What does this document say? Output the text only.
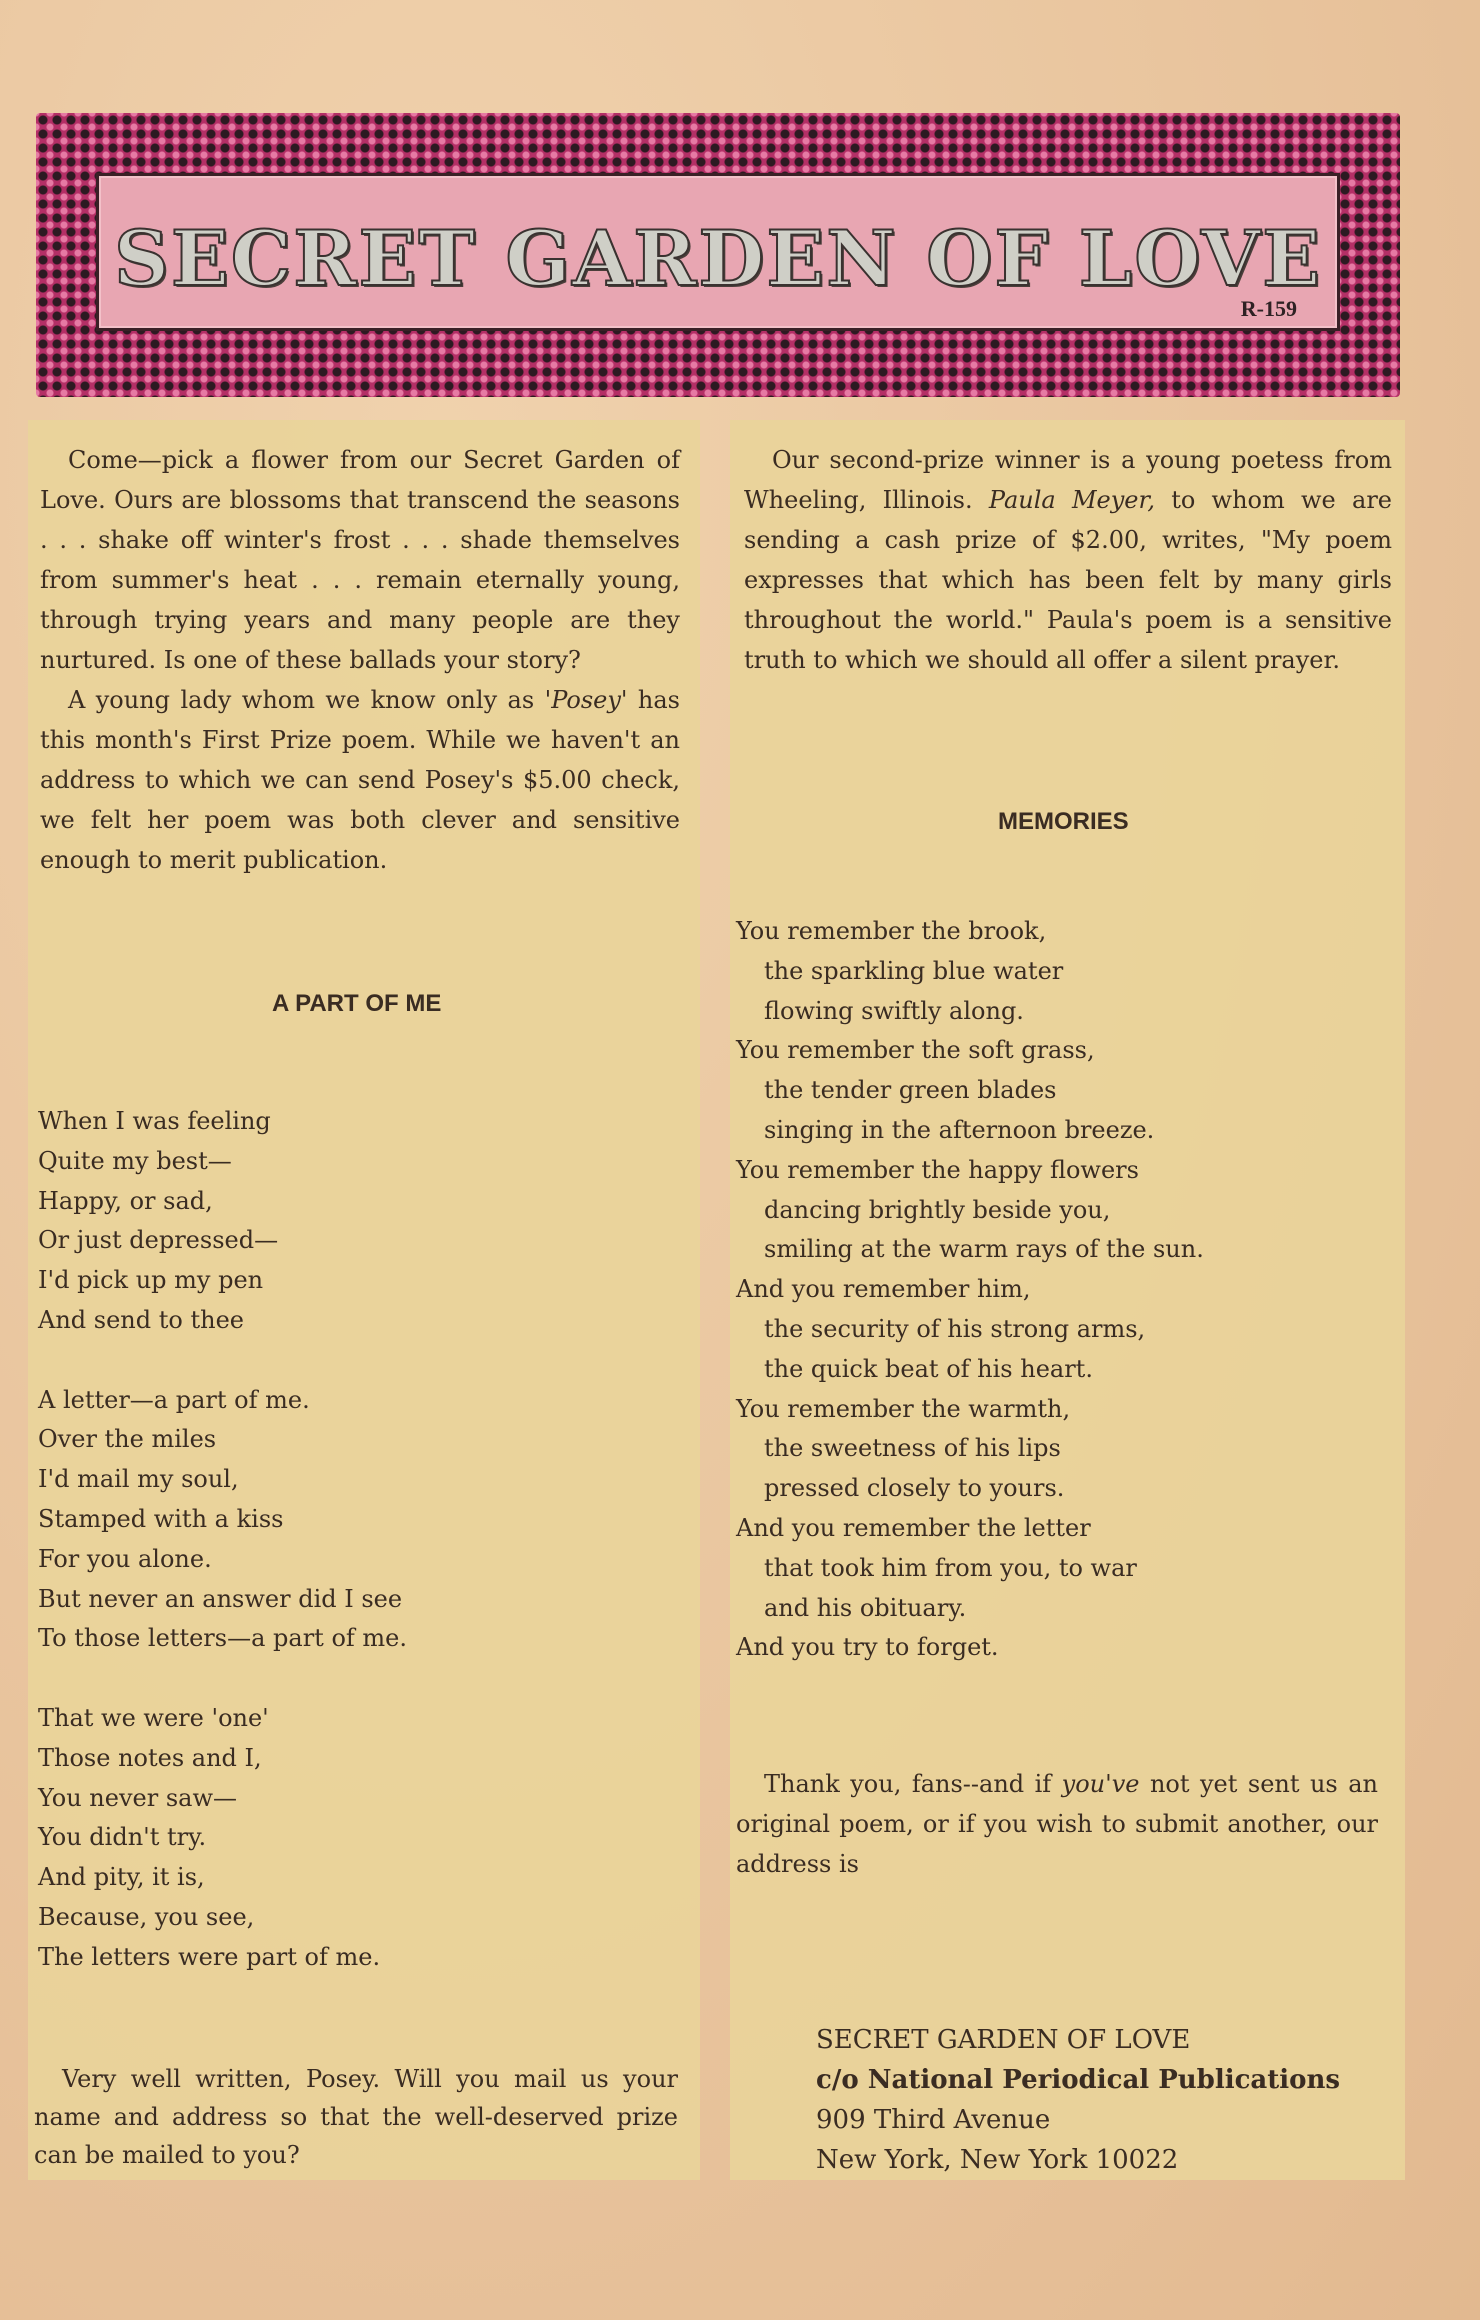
SECRET GARDEN OF LOVE
R-159

Come—pick a flower from our Secret Garden of Love. Ours are blossoms that transcend the seasons . . . shake off winter's frost . . . shade themselves from summer's heat . . . remain eternally young, through trying years and many people are they nurtured. Is one of these ballads your story?

A young lady whom we know only as 'Posey' has this month's First Prize poem. While we haven't an address to which we can send Posey's $5.00 check, we felt her poem was both clever and sensitive enough to merit publication.

A PART OF ME
When I was feeling
Quite my best—
Happy, or sad,
Or just depressed—
I'd pick up my pen
And send to thee
A letter—a part of me.
Over the miles
I'd mail my soul,
Stamped with a kiss
For you alone.
But never an answer did I see
To those letters—a part of me.
That we were 'one'
Those notes and I,
You never saw—
You didn't try.
And pity, it is,
Because, you see,
The letters were part of me.

Very well written, Posey. Will you mail us your name and address so that the well-deserved prize can be mailed to you?

Our second-prize winner is a young poetess from Wheeling, Illinois. Paula Meyer, to whom we are sending a cash prize of $2.00, writes, "My poem expresses that which has been felt by many girls throughout the world." Paula's poem is a sensitive truth to which we should all offer a silent prayer.

MEMORIES
You remember the brook,
the sparkling blue water
flowing swiftly along.
You remember the soft grass,
the tender green blades
singing in the afternoon breeze.
You remember the happy flowers
dancing brightly beside you,
smiling at the warm rays of the sun.
And you remember him,
the security of his strong arms,
the quick beat of his heart.
You remember the warmth,
the sweetness of his lips
pressed closely to yours.
And you remember the letter
that took him from you, to war
and his obituary.
And you try to forget.

Thank you, fans--and if you've not yet sent us an original poem, or if you wish to submit another, our address is

SECRET GARDEN OF LOVE
c/o National Periodical Publications
909 Third Avenue
New York, New York 10022
